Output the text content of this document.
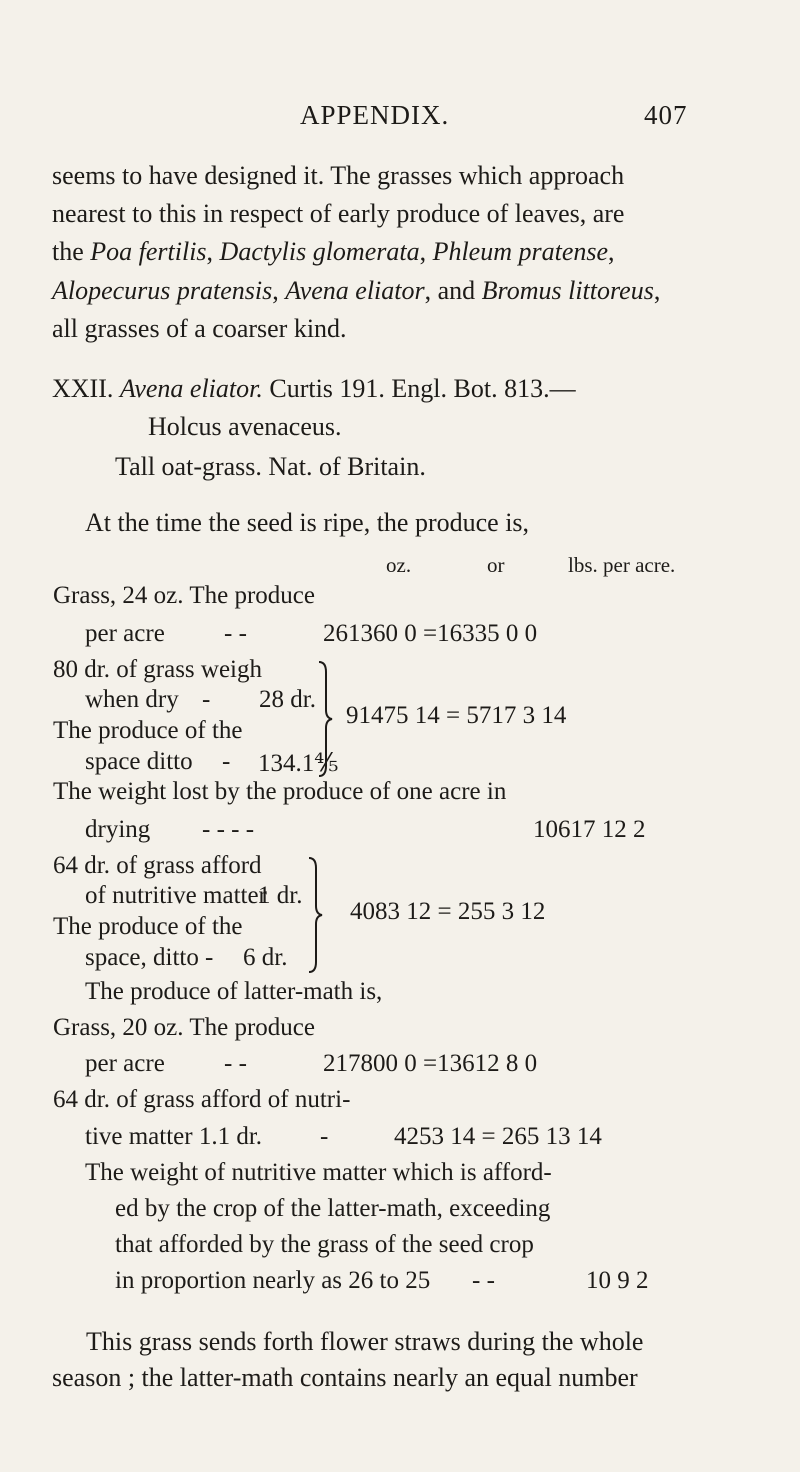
APPENDIX.	407
seems to have designed it. The grasses which approach
nearest to this in respect of early produce of leaves, are
the Poa fertilis, Dactylis glomerata, Phleum pratense,
Alopecurus pratensis, Avena eliator, and Bromus littoreus,
all grasses of a coarser kind.
XXII. Avena eliator. Curtis 191. Engl. Bot. 813.—
Holcus avenaceus.
Tall oat-grass. Nat. of Britain.
At the time the seed is ripe, the produce is,
oz.	or	lbs. per acre.
Grass, 24 oz. The produce
per acre - -	261360 0 =16335 0 0
80 dr. of grass weigh
when dry - 28 dr.
The produce of the
space ditto - 134.1⅘
91475 14 = 5717 3 14
The weight lost by the produce of one acre in
drying - - - -	10617 12 2
64 dr. of grass afford
of nutritive matter
1 dr.
The produce of the
space, ditto - 6 dr.
4083 12 = 255 3 12
The produce of latter-math is,
Grass, 20 oz. The produce
per acre - -	217800 0 =13612 8 0
64 dr. of grass afford of nutri-
tive matter 1.1 dr. -	4253 14 = 265 13 14
The weight of nutritive matter which is afford-
ed by the crop of the latter-math, exceeding
that afforded by the grass of the seed crop
in proportion nearly as 26 to 25 - -	10 9 2
This grass sends forth flower straws during the whole
season ; the latter-math contains nearly an equal number
